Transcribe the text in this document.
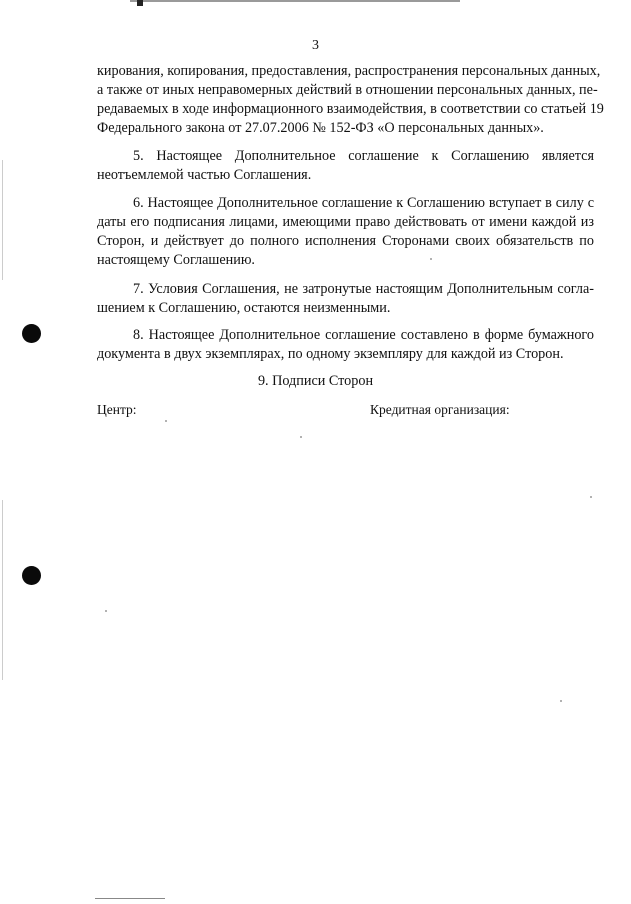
3
кирования, копирования, предоставления, распространения персональных данных,
а также от иных неправомерных действий в отношении персональных данных, пе-
редаваемых в ходе информационного взаимодействия, в соответствии со статьей 19
Федерального закона от 27.07.2006 № 152-ФЗ «О персональных данных».
5. Настоящее Дополнительное соглашение к Соглашению является
неотъемлемой частью Соглашения.
6. Настоящее Дополнительное соглашение к Соглашению вступает в силу с
даты его подписания лицами, имеющими право действовать от имени каждой из
Сторон, и действует до полного исполнения Сторонами своих обязательств по
настоящему Соглашению.
7. Условия Соглашения, не затронутые настоящим Дополнительным согла-
шением к Соглашению, остаются неизменными.
8. Настоящее Дополнительное соглашение составлено в форме бумажного
документа в двух экземплярах, по одному экземпляру для каждой из Сторон.
9. Подписи Сторон
Центр:	Кредитная организация:
